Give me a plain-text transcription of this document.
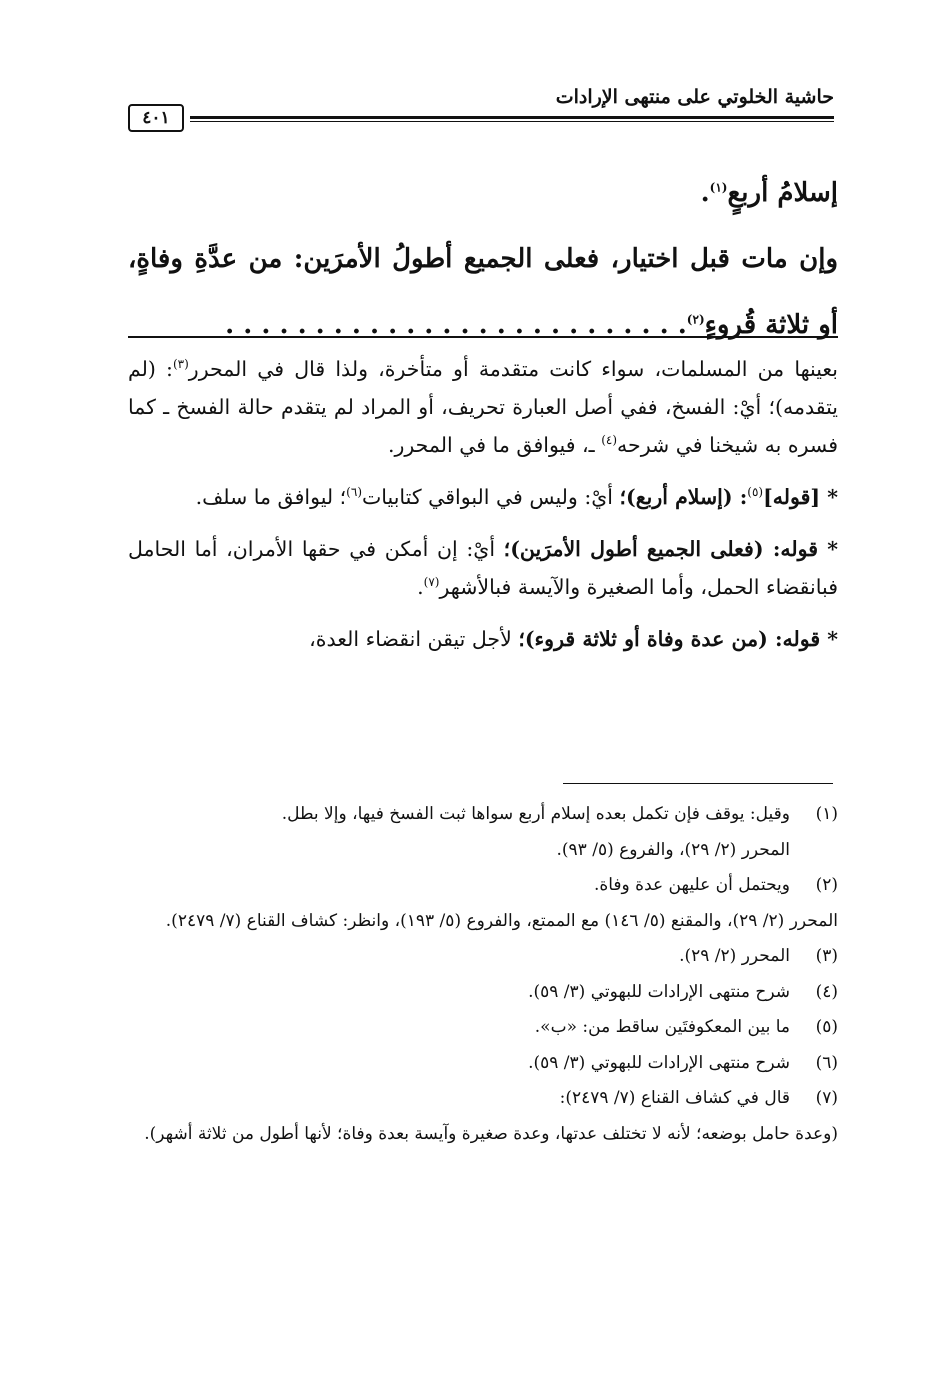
حاشية الخلوتي على منتهى الإرادات
٤٠١
إسلامُ أربعٍ$^{(١)}$.
وإن مات قبل اختيار، فعلى الجميع أطولُ الأمرَين: من عدَّةِ وفاةٍ،
أو ثلاثة قُروءٍ$^{(٢)}$. . . . . . . . . . . . . . . . . . . . . . . . . .

بعينها من المسلمات، سواء كانت متقدمة أو متأخرة، ولذا قال في المحرر$^{(٣)}$: (لم يتقدمه)؛ أيْ: الفسخ، ففي أصل العبارة تحريف، أو المراد لم يتقدم حالة الفسخ ـ كما فسره به شيخنا في شرحه$^{(٤)}$ ـ، فيوافق ما في المحرر.

* [قوله]$^{(٥)}$: (إسلام أربع)؛ أيْ: وليس في البواقي كتابيات$^{(٦)}$؛ ليوافق ما سلف.

* قوله: (فعلى الجميع أطول الأمرَين)؛ أيْ: إن أمكن في حقها الأمران، أما الحامل فبانقضاء الحمل، وأما الصغيرة والآيسة فبالأشهر$^{(٧)}$.

* قوله: (من عدة وفاة أو ثلاثة قروء)؛ لأجل تيقن انقضاء العدة،

(١)
وقيل: يوقف فإن تكمل بعده إسلام أربع سواها ثبت الفسخ فيها، وإلا بطل.
المحرر (٢/ ٢٩)، والفروع (٥/ ٩٣).
(٢)
ويحتمل أن عليهن عدة وفاة.
المحرر (٢/ ٢٩)، والمقنع (٥/ ١٤٦) مع الممتع، والفروع (٥/ ١٩٣)، وانظر: كشاف القناع (٧/ ٢٤٧٩).
(٣)
المحرر (٢/ ٢٩).
(٤)
شرح منتهى الإرادات للبهوتي (٣/ ٥٩).
(٥)
ما بين المعكوفتَين ساقط من: «ب».
(٦)
شرح منتهى الإرادات للبهوتي (٣/ ٥٩).
(٧)
قال في كشاف القناع (٧/ ٢٤٧٩):
(وعدة حامل بوضعه؛ لأنه لا تختلف عدتها، وعدة صغيرة وآيسة بعدة وفاة؛ لأنها أطول من ثلاثة أشهر).
